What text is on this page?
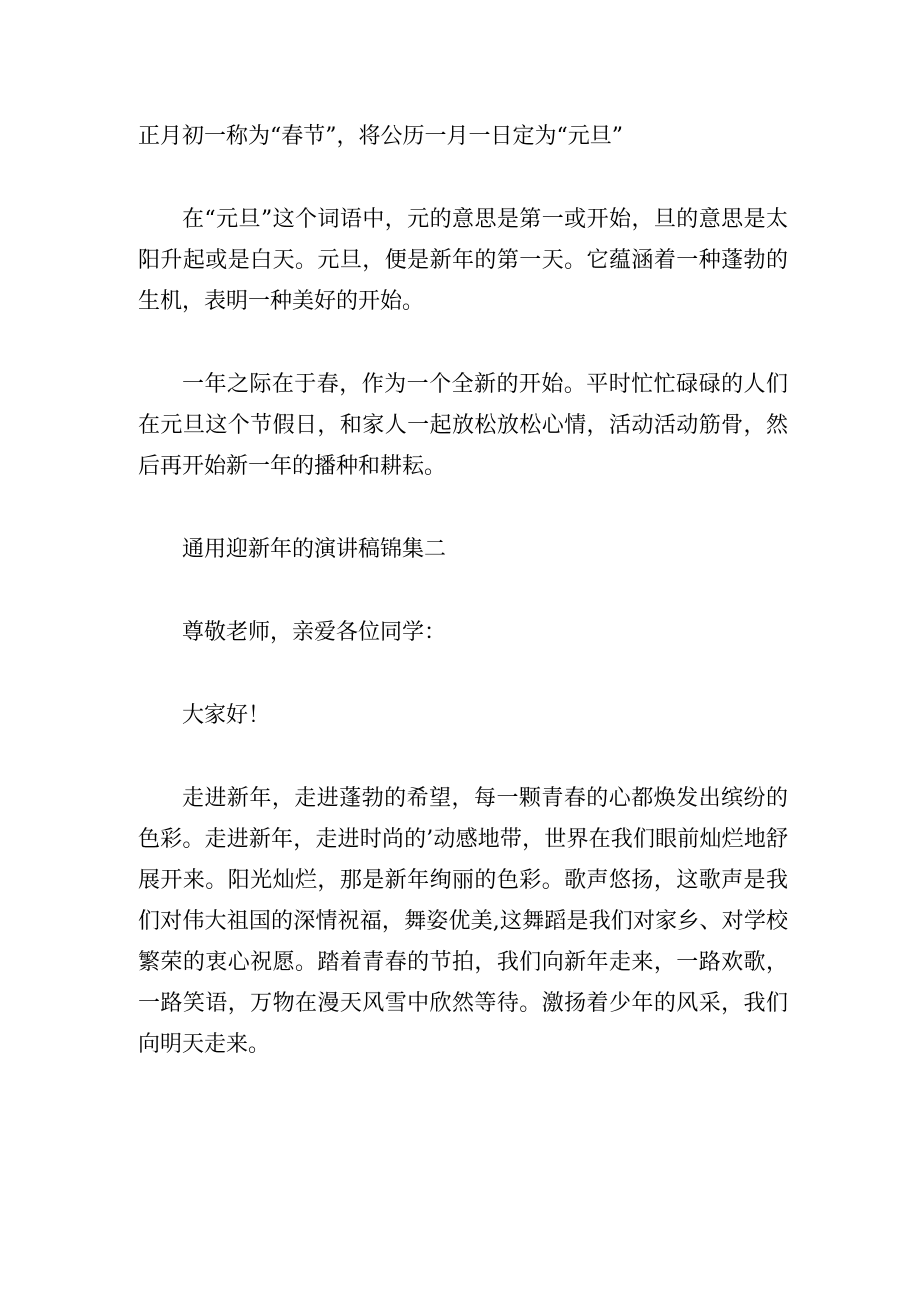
正月初一称为“春节”，将公历一月一日定为“元旦”

在“元旦”这个词语中，元的意思是第一或开始，旦的意思是太阳升起或是白天。元旦，便是新年的第一天。它蕴涵着一种蓬勃的生机，表明一种美好的开始。

一年之际在于春，作为一个全新的开始。平时忙忙碌碌的人们在元旦这个节假日，和家人一起放松放松心情，活动活动筋骨，然后再开始新一年的播种和耕耘。

通用迎新年的演讲稿锦集二

尊敬老师，亲爱各位同学：

大家好！

走进新年，走进蓬勃的希望，每一颗青春的心都焕发出缤纷的色彩。走进新年，走进时尚的’动感地带，世界在我们眼前灿烂地舒展开来。阳光灿烂，那是新年绚丽的色彩。歌声悠扬，这歌声是我们对伟大祖国的深情祝福，舞姿优美,这舞蹈是我们对家乡、对学校繁荣的衷心祝愿。踏着青春的节拍，我们向新年走来，一路欢歌，一路笑语，万物在漫天风雪中欣然等待。激扬着少年的风采，我们向明天走来。
